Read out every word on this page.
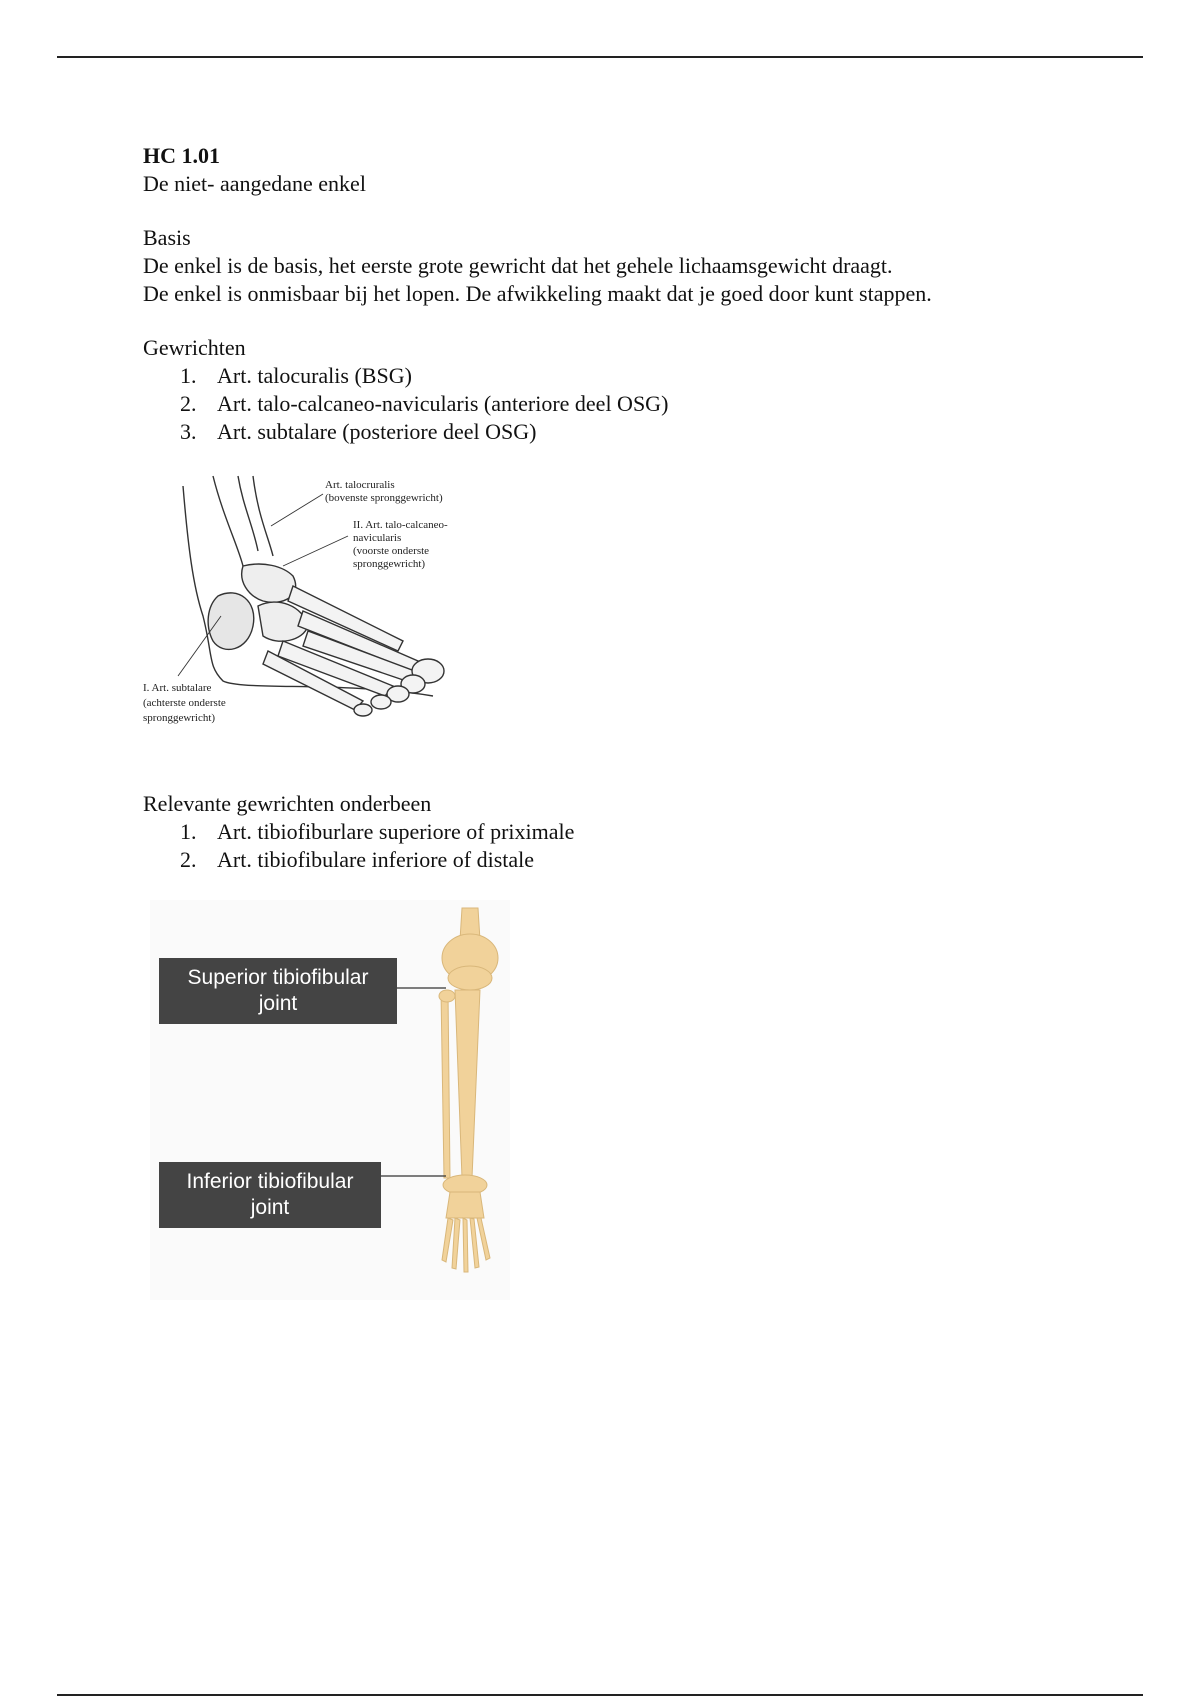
HC 1.01

De niet- aangedane enkel

Basis

De enkel is de basis, het eerste grote gewricht dat het gehele lichaamsgewicht draagt.

De enkel is onmisbaar bij het lopen. De afwikkeling maakt dat je goed door kunt stappen.

Gewrichten

1. Art. talocuralis (BSG)
2. Art. talo-calcaneo-navicularis (anteriore deel OSG)
3. Art. subtalare (posteriore deel OSG)
Art. talocruralis
(bovenste spronggewricht)
II. Art. talo-calcaneo-
navicularis
(voorste onderste
spronggewricht)
I. Art. subtalare
(achterste onderste
spronggewricht)

Relevante gewrichten onderbeen

1. Art. tibiofiburlare superiore of priximale
2. Art. tibiofibulare inferiore of distale
Superior tibiofibular
joint
Inferior tibiofibular
joint
